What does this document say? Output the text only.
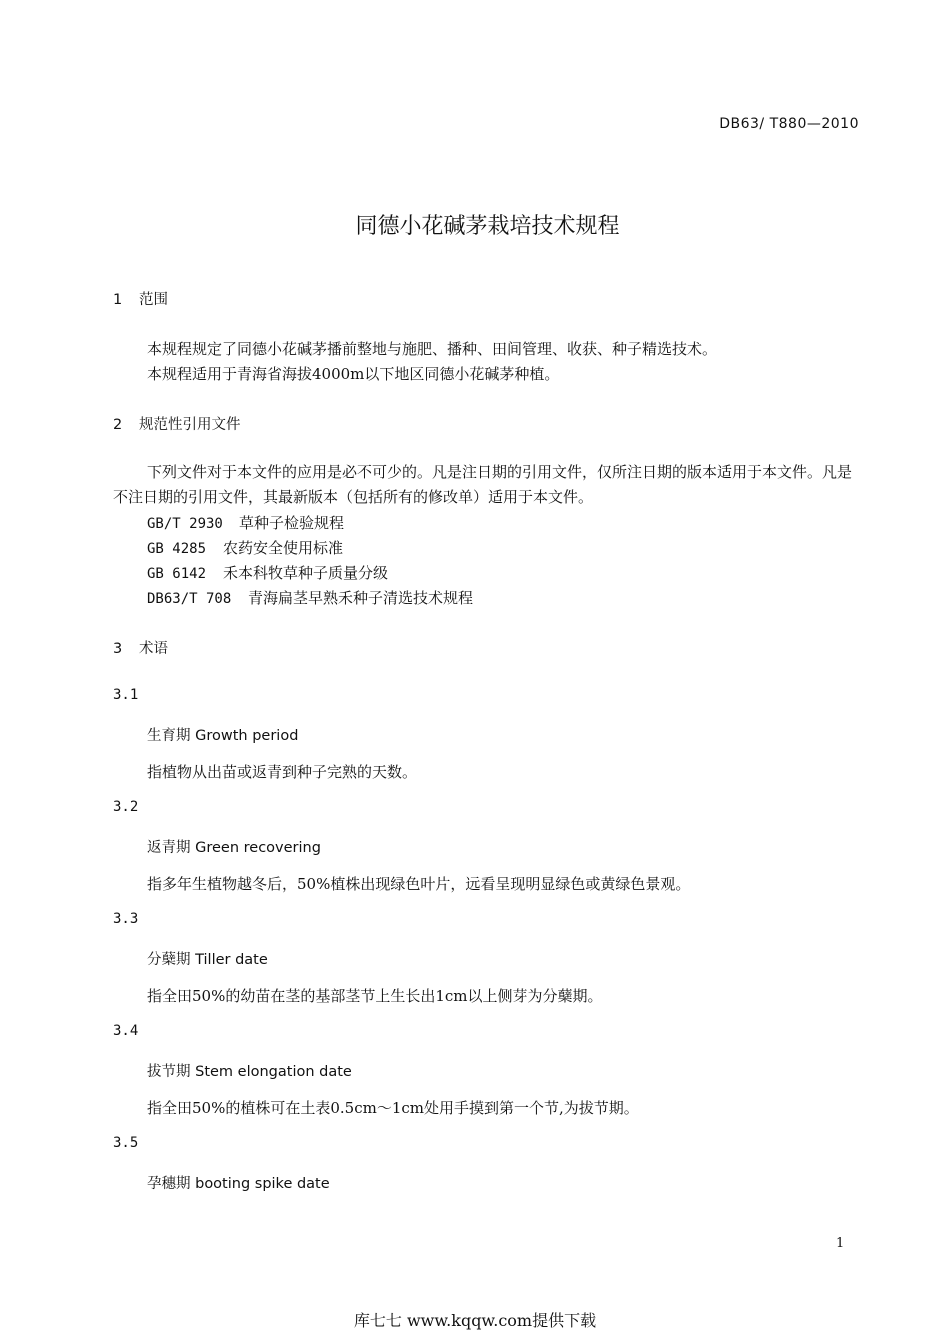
DB63/ T880—2010
同德小花碱茅栽培技术规程
1 范围
本规程规定了同德小花碱茅播前整地与施肥、播种、田间管理、收获、种子精选技术。
本规程适用于青海省海拔4000m以下地区同德小花碱茅种植。
2 规范性引用文件
下列文件对于本文件的应用是必不可少的。凡是注日期的引用文件，仅所注日期的版本适用于本文件。凡是不注日期的引用文件，其最新版本（包括所有的修改单）适用于本文件。
GB/T 2930 草种子检验规程
GB 4285 农药安全使用标准
GB 6142 禾本科牧草种子质量分级
DB63/T 708 青海扁茎早熟禾种子清选技术规程
3 术语
3.1
生育期 Growth period
指植物从出苗或返青到种子完熟的天数。
3.2
返青期 Green recovering
指多年生植物越冬后，50%植株出现绿色叶片，远看呈现明显绿色或黄绿色景观。
3.3
分蘖期 Tiller date
指全田50%的幼苗在茎的基部茎节上生长出1cm以上侧芽为分蘖期。
3.4
拔节期 Stem elongation date
指全田50%的植株可在土表0.5cm～1cm处用手摸到第一个节,为拔节期。
3.5
孕穗期 booting spike date
1
库七七 www.kqqw.com提供下载
